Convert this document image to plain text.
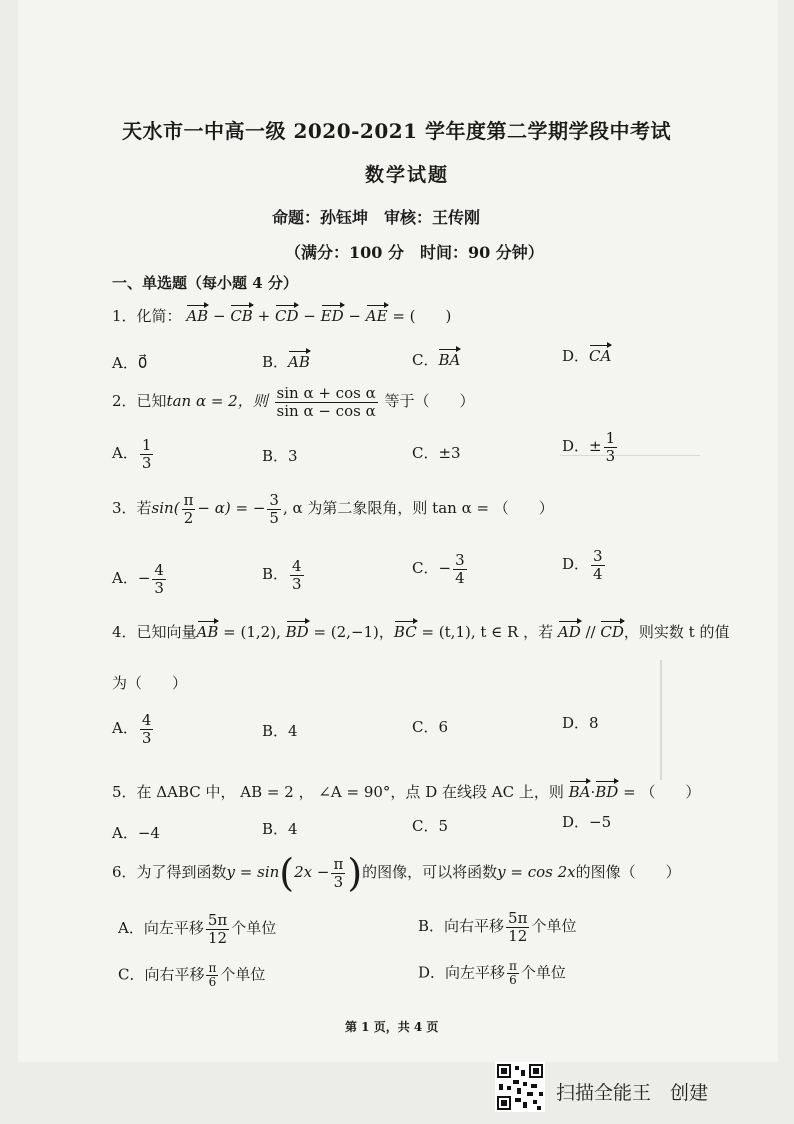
天水市一中高一级 2020-2021 学年度第二学期学段中考试
数学试题
命题：孙钰坤　审核：王传刚
（满分：100 分　时间：90 分钟）
一、单选题（每小题 4 分）
1．化简： AB − CB + CD − ED − AE = (　　)
A．0⃗	B．AB	C．BA	D．CA
2．已知tan α = 2，则 $\frac{\text{sin α + cos α}}{\text{sin α − cos α}}$ 等于（　　）
A． $\frac{1}{3}$	B．3	C．±3	D．± $\frac{1}{3}$
3．若$\sin( \frac{\pi}{2} - \alpha)$ = − $\frac{3}{5}$ , α 为第二象限角，则 tan α = （　　）
A．− $\frac{4}{3}$	B． $\frac{4}{3}$	C．− $\frac{3}{4}$	D． $\frac{3}{4}$
4．已知向量AB = (1,2), BD = (2,−1)，BC = (t,1), t ∈ R ，若 AD // CD，则实数 t 的值
为（　　）
A． $\frac{4}{3}$	B．4	C．6	D．8
5．在 ΔABC 中， AB = 2 ， ∠A = 90°，点 D 在线段 AC 上，则 BA·BD = （　　）
A．−4	B．4	C．5	D．−5
6．为了得到函数$y = \sin(2x - \frac{\pi}{3}$ )的图像，可以将函数y = cos 2x的图像（　　）
A．向左平移 $\frac{5\pi}{12}$ 个单位	B．向右平移 $\frac{5\pi}{12}$ 个单位
C．向右平移 $\frac{\pi}{6}$ 个单位	D．向左平移 $\frac{\pi}{6}$ 个单位
第 1 页，共 4 页
扫描全能王　创建
